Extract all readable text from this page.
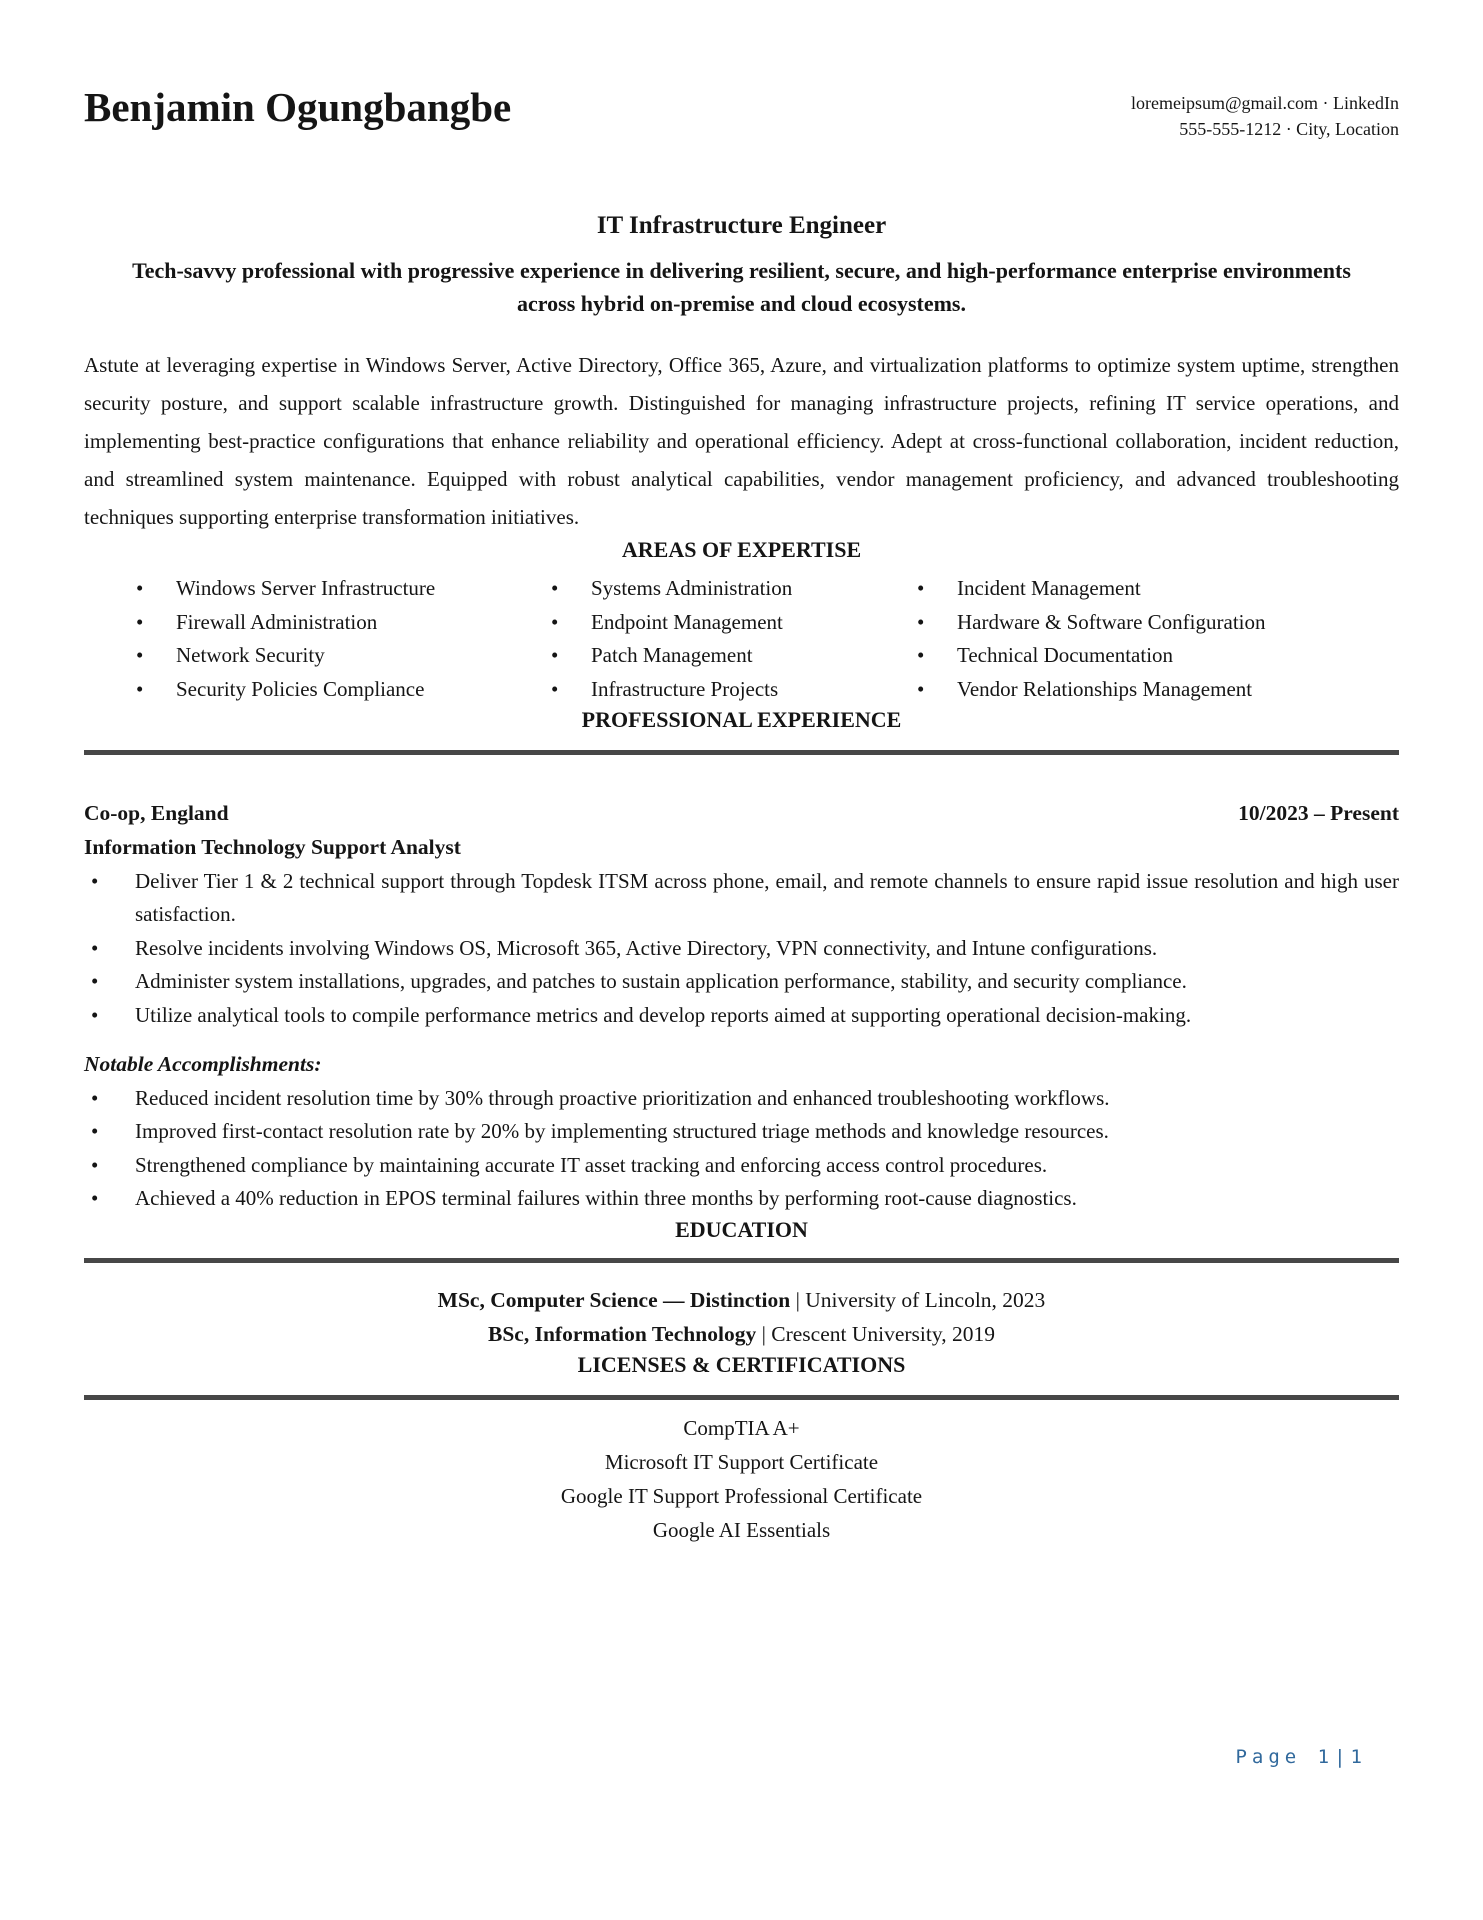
Benjamin Ogungbangbe	loremeipsum@gmail.com · LinkedIn
555-555-1212 · City, Location
IT Infrastructure Engineer
Tech-savvy professional with progressive experience in delivering resilient, secure, and high-performance enterprise environments across hybrid on-premise and cloud ecosystems.

Astute at leveraging expertise in Windows Server, Active Directory, Office 365, Azure, and virtualization platforms to optimize system uptime, strengthen security posture, and support scalable infrastructure growth. Distinguished for managing infrastructure projects, refining IT service operations, and implementing best-practice configurations that enhance reliability and operational efficiency. Adept at cross-functional collaboration, incident reduction, and streamlined system maintenance. Equipped with robust analytical capabilities, vendor management proficiency, and advanced troubleshooting techniques supporting enterprise transformation initiatives.

AREAS OF EXPERTISE
• Windows Server Infrastructure
• Firewall Administration
• Network Security
• Security Policies Compliance
• Systems Administration
• Endpoint Management
• Patch Management
• Infrastructure Projects
• Incident Management
• Hardware & Software Configuration
• Technical Documentation
• Vendor Relationships Management
PROFESSIONAL EXPERIENCE
Co-op, England	10/2023 – Present
Information Technology Support Analyst
• Deliver Tier 1 & 2 technical support through Topdesk ITSM across phone, email, and remote channels to ensure rapid issue resolution and high user satisfaction.
• Resolve incidents involving Windows OS, Microsoft 365, Active Directory, VPN connectivity, and Intune configurations.
• Administer system installations, upgrades, and patches to sustain application performance, stability, and security compliance.
• Utilize analytical tools to compile performance metrics and develop reports aimed at supporting operational decision-making.
Notable Accomplishments:
• Reduced incident resolution time by 30% through proactive prioritization and enhanced troubleshooting workflows.
• Improved first-contact resolution rate by 20% by implementing structured triage methods and knowledge resources.
• Strengthened compliance by maintaining accurate IT asset tracking and enforcing access control procedures.
• Achieved a 40% reduction in EPOS terminal failures within three months by performing root-cause diagnostics.
EDUCATION
MSc, Computer Science — Distinction | University of Lincoln, 2023
BSc, Information Technology | Crescent University, 2019
LICENSES & CERTIFICATIONS
CompTIA A+
Microsoft IT Support Certificate
Google IT Support Professional Certificate
Google AI Essentials
Page 1|1
